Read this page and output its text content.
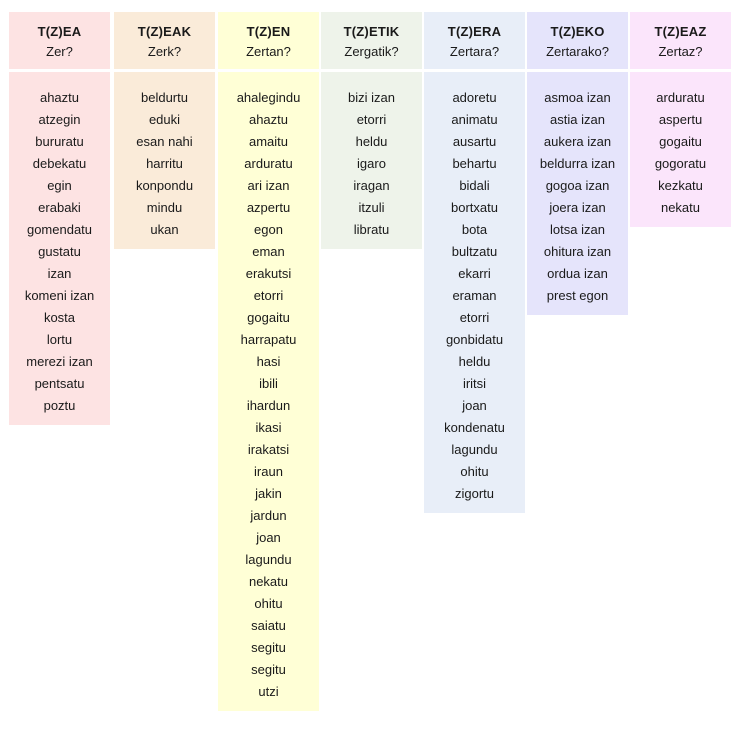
T(Z)EA
Zer?
ahaztu
atzegin
bururatu
debekatu
egin
erabaki
gomendatu
gustatu
izan
komeni izan
kosta
lortu
merezi izan
pentsatu
poztu
T(Z)EAK
Zerk?
beldurtu
eduki
esan nahi
harritu
konpondu
mindu
ukan
T(Z)EN
Zertan?
ahalegindu
ahaztu
amaitu
arduratu
ari izan
azpertu
egon
eman
erakutsi
etorri
gogaitu
harrapatu
hasi
ibili
ihardun
ikasi
irakatsi
iraun
jakin
jardun
joan
lagundu
nekatu
ohitu
saiatu
segitu
segitu
utzi
T(Z)ETIK
Zergatik?
bizi izan
etorri
heldu
igaro
iragan
itzuli
libratu
T(Z)ERA
Zertara?
adoretu
animatu
ausartu
behartu
bidali
bortxatu
bota
bultzatu
ekarri
eraman
etorri
gonbidatu
heldu
iritsi
joan
kondenatu
lagundu
ohitu
zigortu
T(Z)EKO
Zertarako?
asmoa izan
astia izan
aukera izan
beldurra izan
gogoa izan
joera izan
lotsa izan
ohitura izan
ordua izan
prest egon
T(Z)EAZ
Zertaz?
arduratu
aspertu
gogaitu
gogoratu
kezkatu
nekatu
